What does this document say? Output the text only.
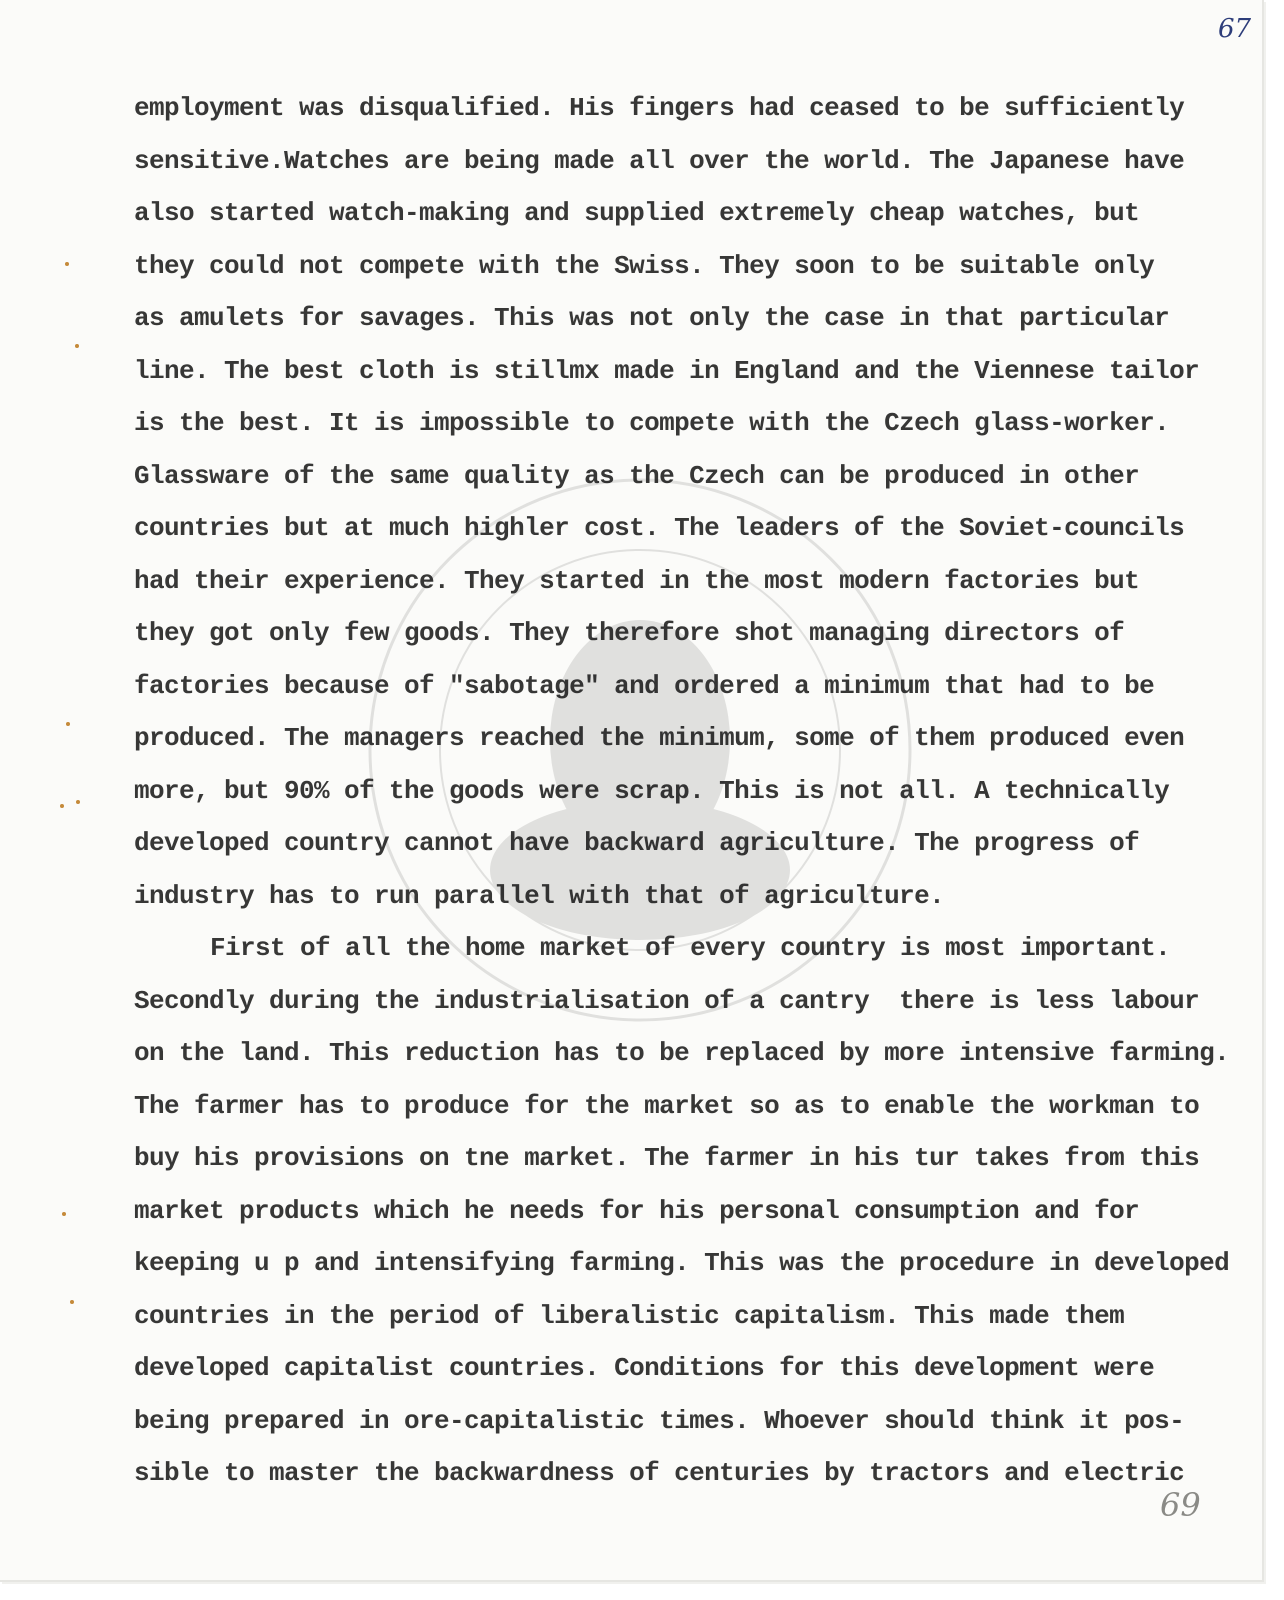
67
employment was disqualified. His fingers had ceased to be sufficiently
sensitive.Watches are being made all over the world. The Japanese have
also started watch-making and supplied extremely cheap watches, but
they could not compete with the Swiss. They soon to be suitable only
as amulets for savages. This was not only the case in that particular
line. The best cloth is stillmx made in England and the Viennese tailor
is the best. It is impossible to compete with the Czech glass-worker.
Glassware of the same quality as the Czech can be produced in other
countries but at much highler cost. The leaders of the Soviet-councils
had their experience. They started in the most modern factories but
they got only few goods. They therefore shot managing directors of
factories because of "sabotage" and ordered a minimum that had to be
produced. The managers reached the minimum, some of them produced even
more, but 90% of the goods were scrap. This is not all. A technically
developed country cannot have backward agriculture. The progress of
industry has to run parallel with that of agriculture.
First of all the home market of every country is most important.
Secondly during the industrialisation of a cantry  there is less labour
on the land. This reduction has to be replaced by more intensive farming.
The farmer has to produce for the market so as to enable the workman to
buy his provisions on tne market. The farmer in his tur takes from this
market products which he needs for his personal consumption and for
keeping u p and intensifying farming. This was the procedure in developed
countries in the period of liberalistic capitalism. This made them
developed capitalist countries. Conditions for this development were
being prepared in ore-capitalistic times. Whoever should think it pos-
sible to master the backwardness of centuries by tractors and electric
69
